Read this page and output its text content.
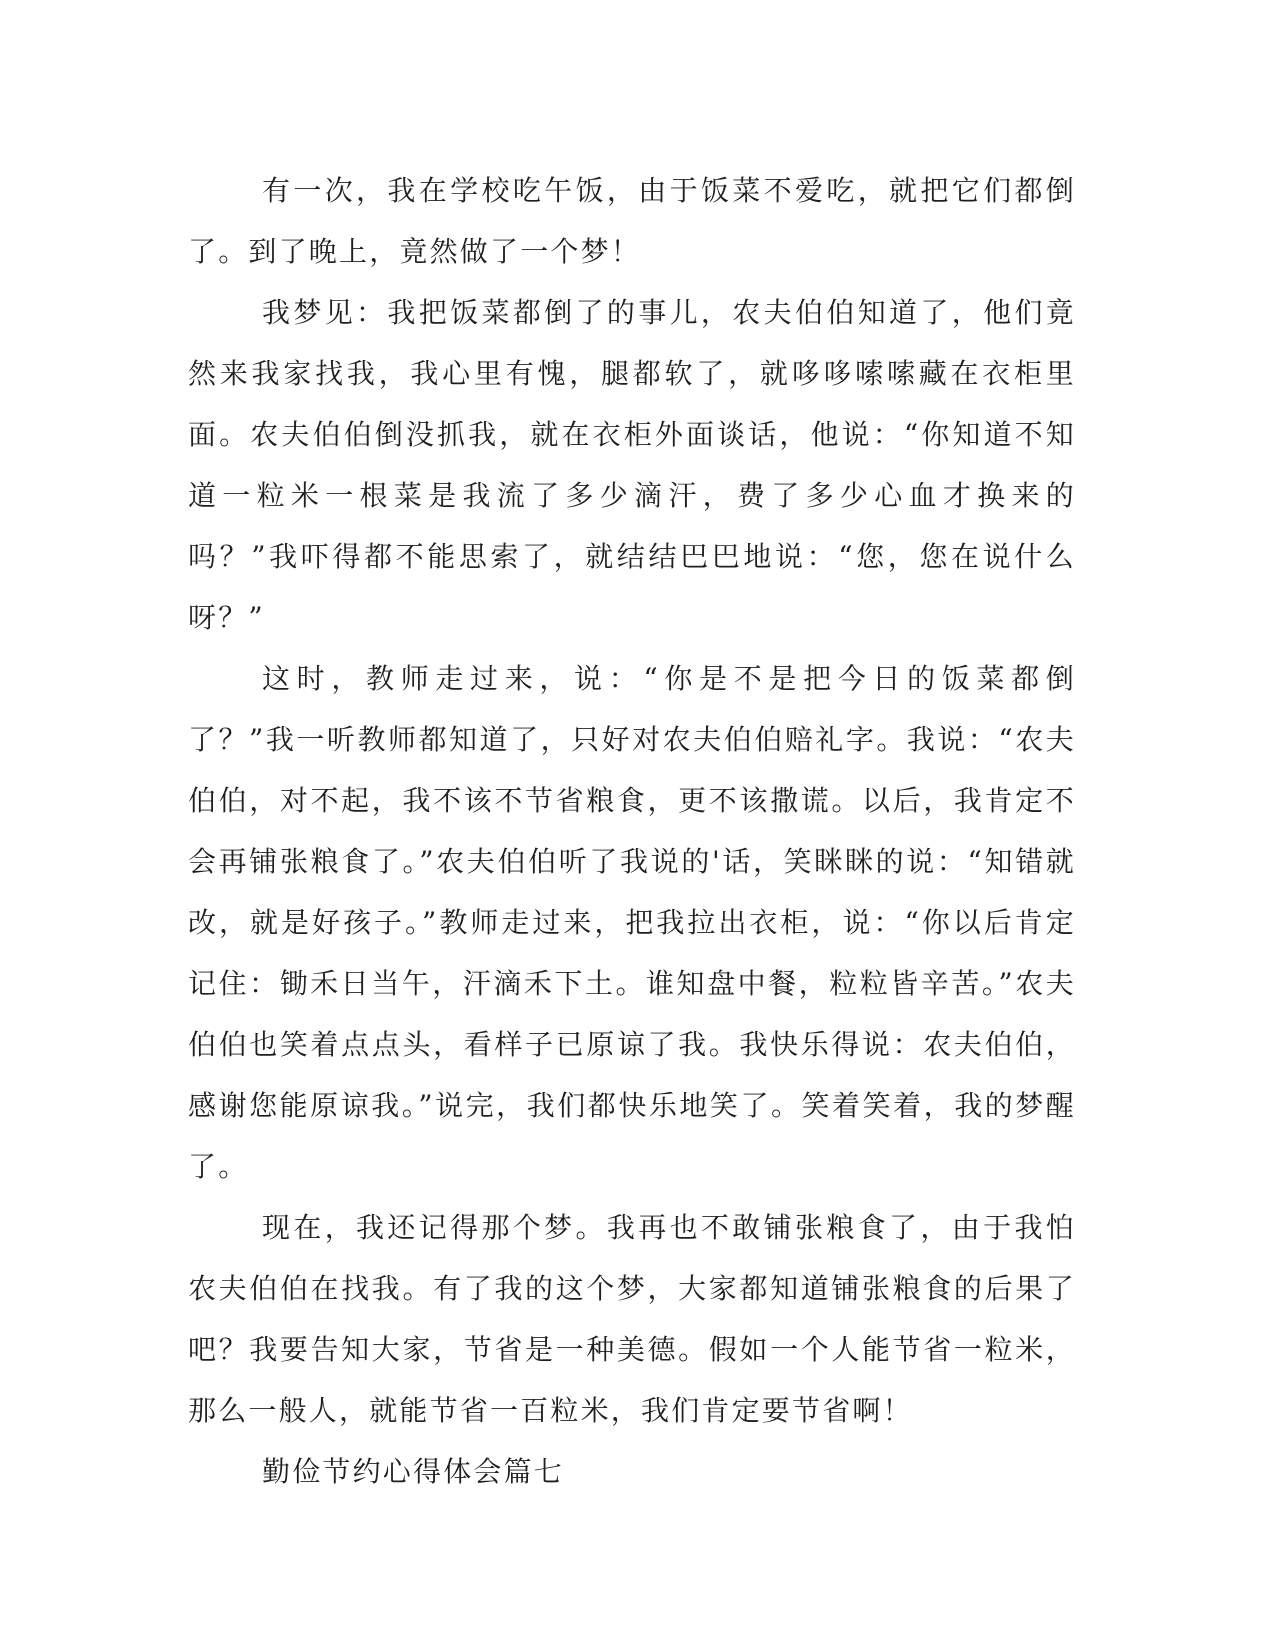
有一次，我在学校吃午饭，由于饭菜不爱吃，就把它们都倒了。到了晚上，竟然做了一个梦！

我梦见：我把饭菜都倒了的事儿，农夫伯伯知道了，他们竟然来我家找我，我心里有愧，腿都软了，就哆哆嗦嗦藏在衣柜里面。农夫伯伯倒没抓我，就在衣柜外面谈话，他说：“你知道不知道一粒米一根菜是我流了多少滴汗，费了多少心血才换来的吗？”我吓得都不能思索了，就结结巴巴地说：“您，您在说什么呀？”

这时，教师走过来，说：“你是不是把今日的饭菜都倒了？”我一听教师都知道了，只好对农夫伯伯赔礼字。我说：“农夫伯伯，对不起，我不该不节省粮食，更不该撒谎。以后，我肯定不会再铺张粮食了。”农夫伯伯听了我说的'话，笑眯眯的说：“知错就改，就是好孩子。”教师走过来，把我拉出衣柜，说：“你以后肯定记住：锄禾日当午，汗滴禾下土。谁知盘中餐，粒粒皆辛苦。”农夫伯伯也笑着点点头，看样子已原谅了我。我快乐得说：农夫伯伯，感谢您能原谅我。”说完，我们都快乐地笑了。笑着笑着，我的梦醒了。

现在，我还记得那个梦。我再也不敢铺张粮食了，由于我怕农夫伯伯在找我。有了我的这个梦，大家都知道铺张粮食的后果了吧？我要告知大家，节省是一种美德。假如一个人能节省一粒米，那么一般人，就能节省一百粒米，我们肯定要节省啊！

勤俭节约心得体会篇七
